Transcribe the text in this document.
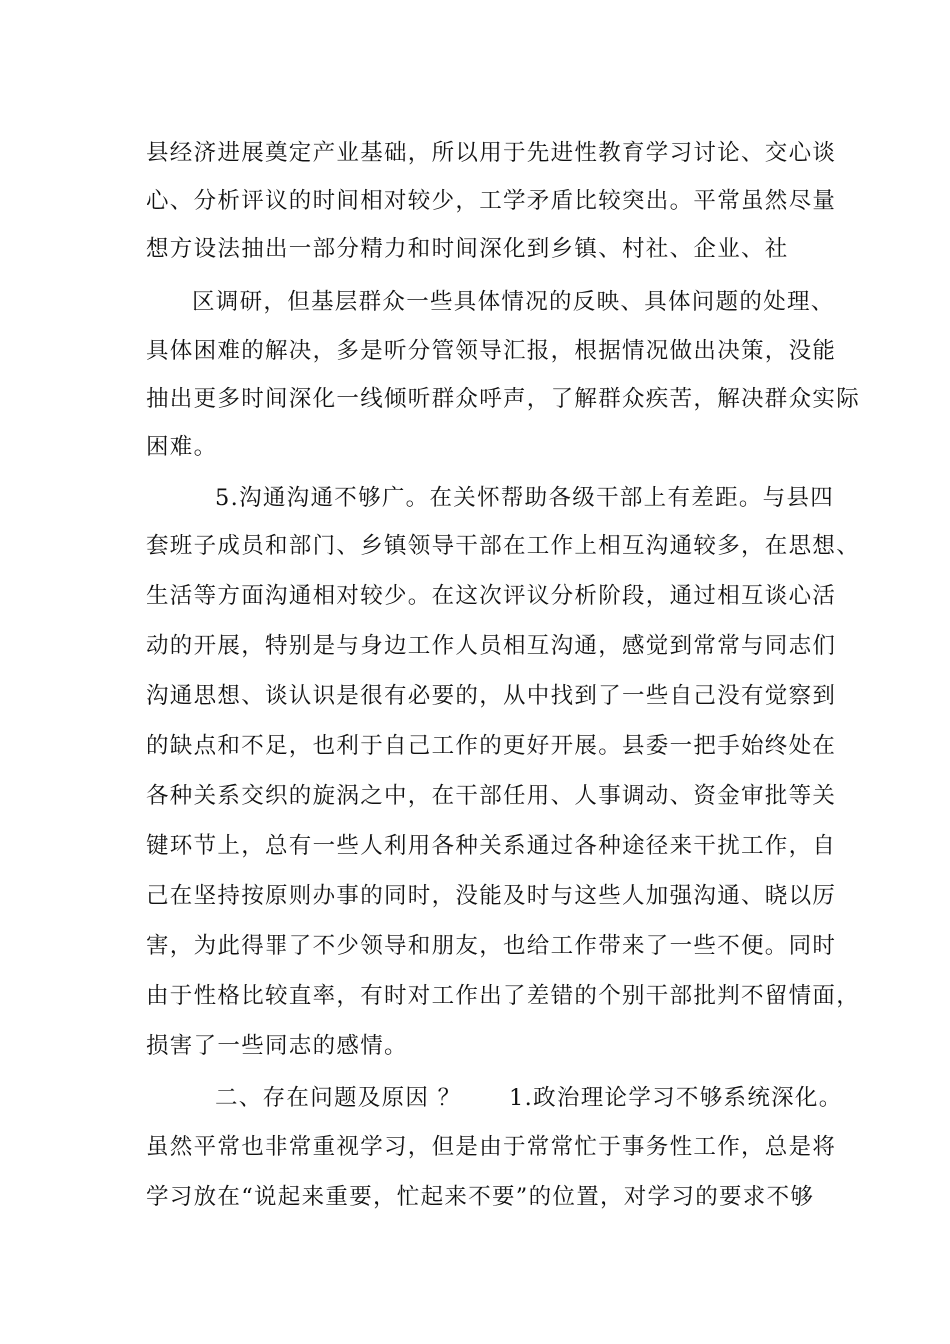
县经济进展奠定产业基础，所以用于先进性教育学习讨论、交心谈
心、分析评议的时间相对较少，工学矛盾比较突出。平常虽然尽量
想方设法抽出一部分精力和时间深化到乡镇、村社、企业、社
区调研，但基层群众一些具体情况的反映、具体问题的处理、
具体困难的解决，多是听分管领导汇报，根据情况做出决策，没能
抽出更多时间深化一线倾听群众呼声，了解群众疾苦，解决群众实际
困难。
5.沟通沟通不够广。在关怀帮助各级干部上有差距。与县四
套班子成员和部门、乡镇领导干部在工作上相互沟通较多，在思想、
生活等方面沟通相对较少。在这次评议分析阶段，通过相互谈心活
动的开展，特别是与身边工作人员相互沟通，感觉到常常与同志们
沟通思想、谈认识是很有必要的，从中找到了一些自己没有觉察到
的缺点和不足，也利于自己工作的更好开展。县委一把手始终处在
各种关系交织的旋涡之中，在干部任用、人事调动、资金审批等关
键环节上，总有一些人利用各种关系通过各种途径来干扰工作，自
己在坚持按原则办事的同时，没能及时与这些人加强沟通、晓以厉
害，为此得罪了不少领导和朋友，也给工作带来了一些不便。同时
由于性格比较直率，有时对工作出了差错的个别干部批判不留情面，
损害了一些同志的感情。
二、存在问题及原因 ？　　1.政治理论学习不够系统深化。
虽然平常也非常重视学习，但是由于常常忙于事务性工作，总是将
学习放在“说起来重要，忙起来不要”的位置，对学习的要求不够
